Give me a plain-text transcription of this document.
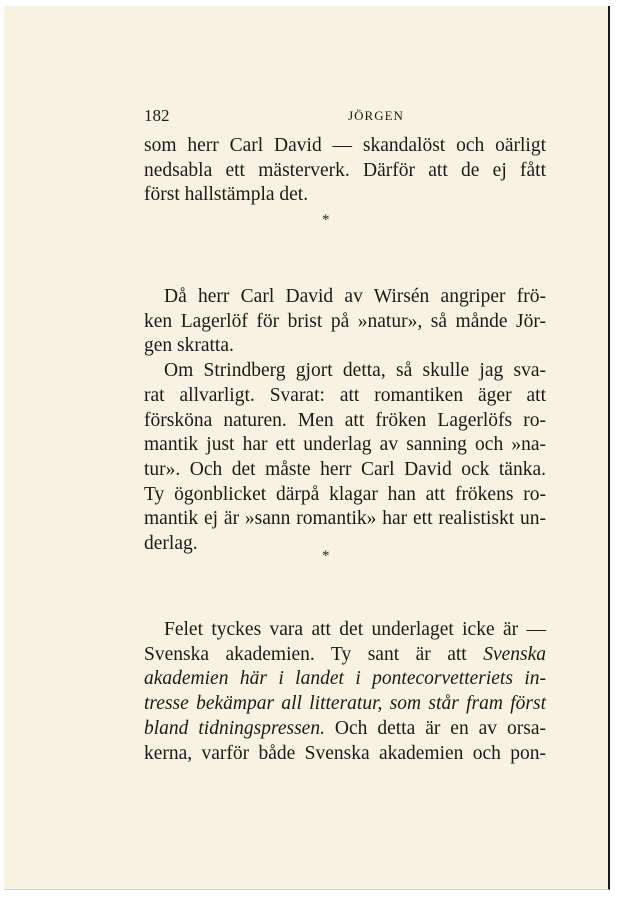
182	JÖRGEN
som herr Carl David — skandalöst och oärligt
nedsabla ett mästerverk. Därför att de ej fått
först hallstämpla det.
*
Då herr Carl David av Wirsén angriper frö-
ken Lagerlöf för brist på »natur», så månde Jör-
gen skratta.
Om Strindberg gjort detta, så skulle jag sva-
rat allvarligt. Svarat: att romantiken äger att
försköna naturen. Men att fröken Lagerlöfs ro-
mantik just har ett underlag av sanning och »na-
tur». Och det måste herr Carl David ock tänka.
Ty ögonblicket därpå klagar han att frökens ro-
mantik ej är »sann romantik» har ett realistiskt un-
derlag.
*
Felet tyckes vara att det underlaget icke är —
Svenska akademien. Ty sant är att Svenska
akademien här i landet i pontecorvetteriets in-
tresse bekämpar all litteratur, som står fram först
bland tidningspressen. Och detta är en av orsa-
kerna, varför både Svenska akademien och pon-
